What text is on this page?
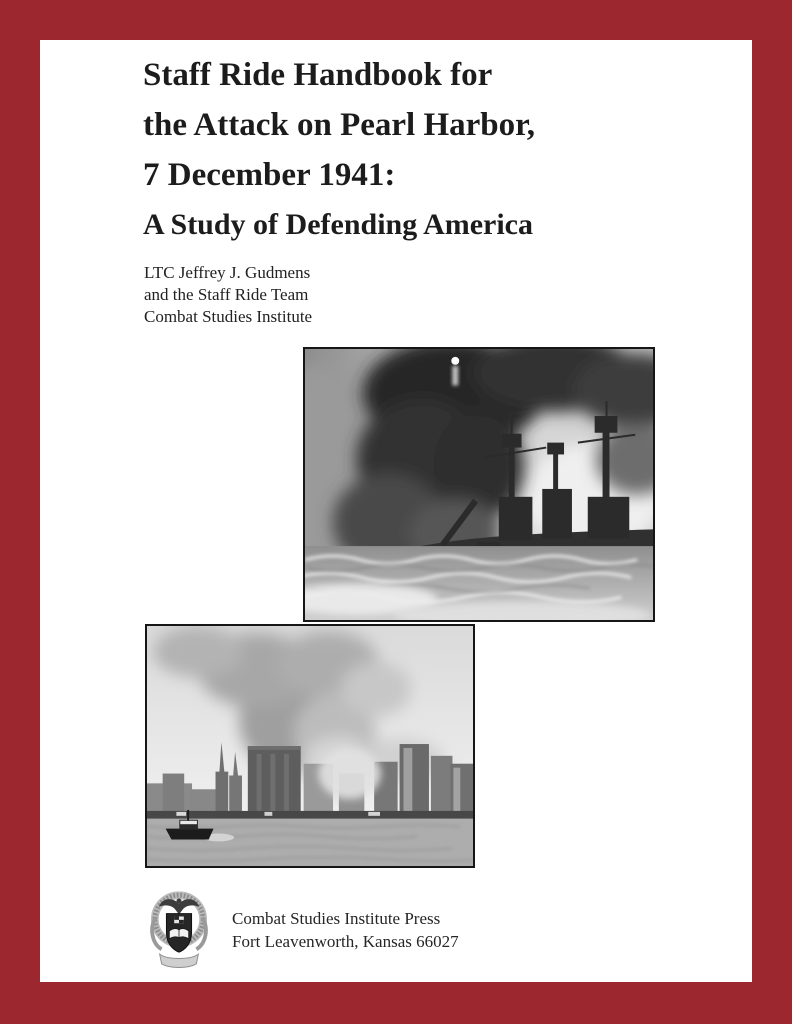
Staff Ride Handbook for
the Attack on Pearl Harbor,
7 December 1941:
A Study of Defending America
LTC Jeffrey J. Gudmens
and the Staff Ride Team
Combat Studies Institute
Combat Studies Institute Press
Fort Leavenworth, Kansas 66027
